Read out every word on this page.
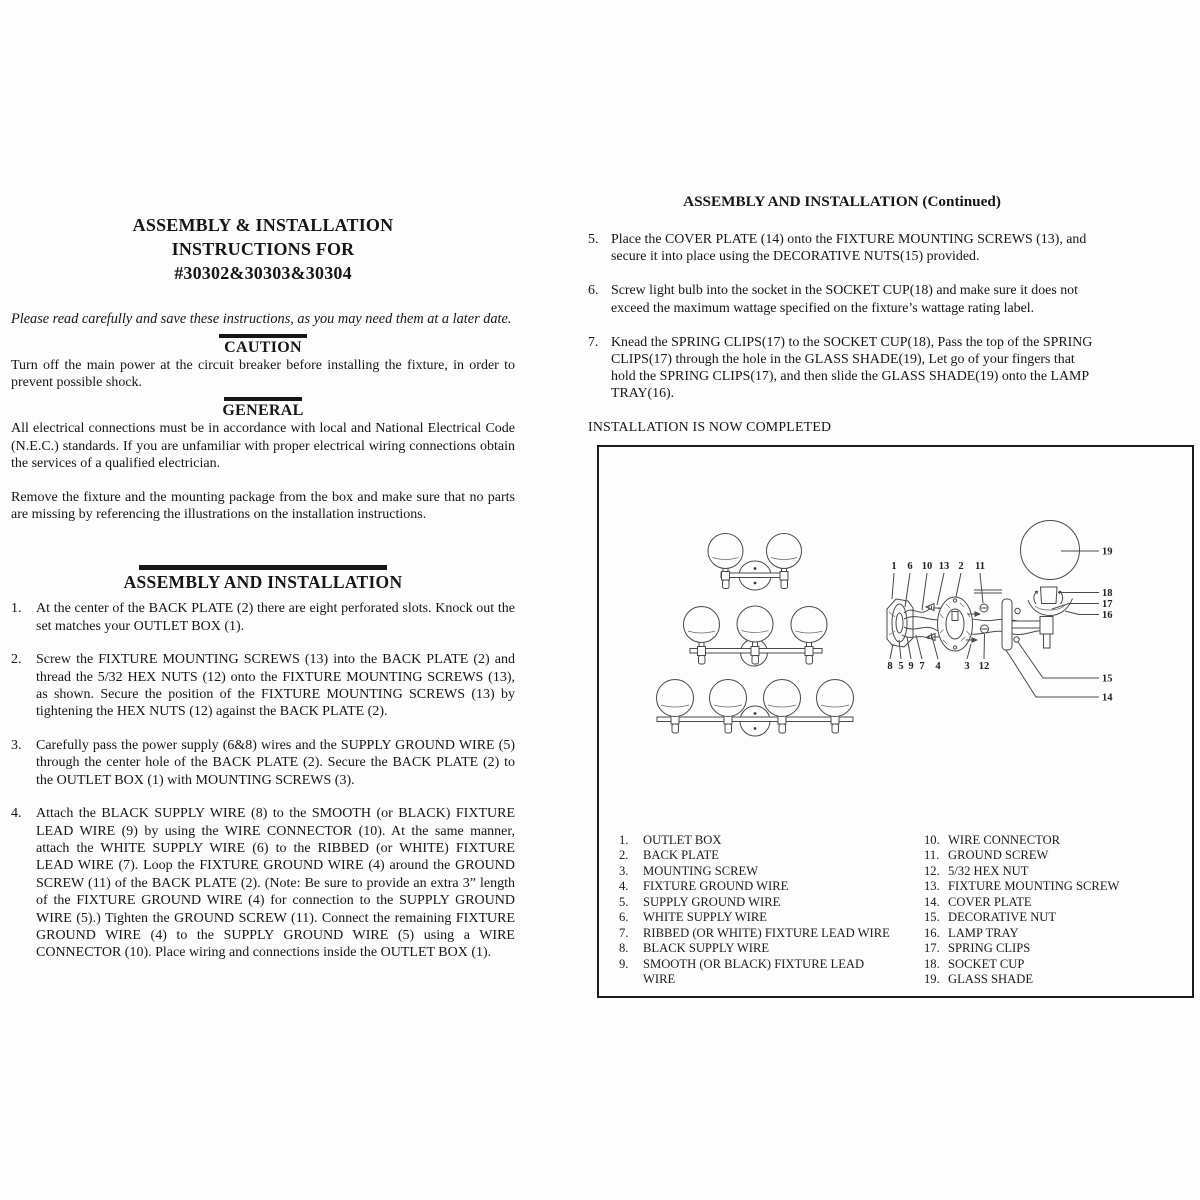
ASSEMBLY & INSTALLATION
INSTRUCTIONS FOR
#30302&30303&30304

Please read carefully and save these instructions, as you may need them at a later date.

CAUTION

Turn off the main power at the circuit breaker before installing the fixture, in order to prevent possible shock.

GENERAL

All electrical connections must be in accordance with local and National Electrical Code (N.E.C.) standards. If you are unfamiliar with proper electrical wiring connections obtain the services of a qualified electrician.

Remove the fixture and the mounting package from the box and make sure that no parts are missing by referencing the illustrations on the installation instructions.

ASSEMBLY AND INSTALLATION
1.	At the center of the BACK PLATE (2) there are eight perforated slots. Knock out the set matches your OUTLET BOX (1).
2.	Screw the FIXTURE MOUNTING SCREWS (13) into the BACK PLATE (2) and thread the 5/32 HEX NUTS (12) onto the FIXTURE MOUNTING SCREWS (13), as shown. Secure the position of the FIXTURE MOUNTING SCREWS (13) by tightening the HEX NUTS (12) against the BACK PLATE (2).
3.	Carefully pass the power supply (6&8) wires and the SUPPLY GROUND WIRE (5) through the center hole of the BACK PLATE (2). Secure the BACK PLATE (2) to the OUTLET BOX (1) with MOUNTING SCREWS (3).
4.	Attach the BLACK SUPPLY WIRE (8) to the SMOOTH (or BLACK) FIXTURE LEAD WIRE (9) by using the WIRE CONNECTOR (10). At the same manner, attach the WHITE SUPPLY WIRE (6) to the RIBBED (or WHITE) FIXTURE LEAD WIRE (7). Loop the FIXTURE GROUND WIRE (4) around the GROUND SCREW (11) of the BACK PLATE (2). (Note: Be sure to provide an extra 3” length of the FIXTURE GROUND WIRE (4) for connection to the SUPPLY GROUND WIRE (5).) Tighten the GROUND SCREW (11). Connect the remaining FIXTURE GROUND WIRE (4) to the SUPPLY GROUND WIRE (5) using a WIRE CONNECTOR (10). Place wiring and connections inside the OUTLET BOX (1).
ASSEMBLY AND INSTALLATION (Continued)
5. Place the COVER PLATE (14) onto the FIXTURE MOUNTING SCREWS (13), and secure it into place using the DECORATIVE NUTS(15) provided.
6. Screw light bulb into the socket in the SOCKET CUP(18) and make sure it does not exceed the maximum wattage specified on the fixture’s wattage rating label.
7. Knead the SPRING CLIPS(17) to the SOCKET CUP(18), Pass the top of the SPRING CLIPS(17) through the hole in the GLASS SHADE(19), Let go of your fingers that hold the SPRING CLIPS(17), and then slide the GLASS SHADE(19) onto the LAMP TRAY(16).
INSTALLATION IS NOW COMPLETED
1 6 10 13 2 11
8 5 9 7 4 3 12
19
18
17
16
15
14
1.	OUTLET BOX
2.	BACK PLATE
3.	MOUNTING SCREW
4.	FIXTURE GROUND WIRE
5.	SUPPLY GROUND WIRE
6.	WHITE SUPPLY WIRE
7.	RIBBED (OR WHITE) FIXTURE LEAD WIRE
8.	BLACK SUPPLY WIRE
9.	SMOOTH (OR BLACK) FIXTURE LEAD
WIRE
10. WIRE CONNECTOR
11. GROUND SCREW
12. 5/32 HEX NUT
13. FIXTURE MOUNTING SCREW
14. COVER PLATE
15. DECORATIVE NUT
16. LAMP TRAY
17. SPRING CLIPS
18. SOCKET CUP
19. GLASS SHADE
